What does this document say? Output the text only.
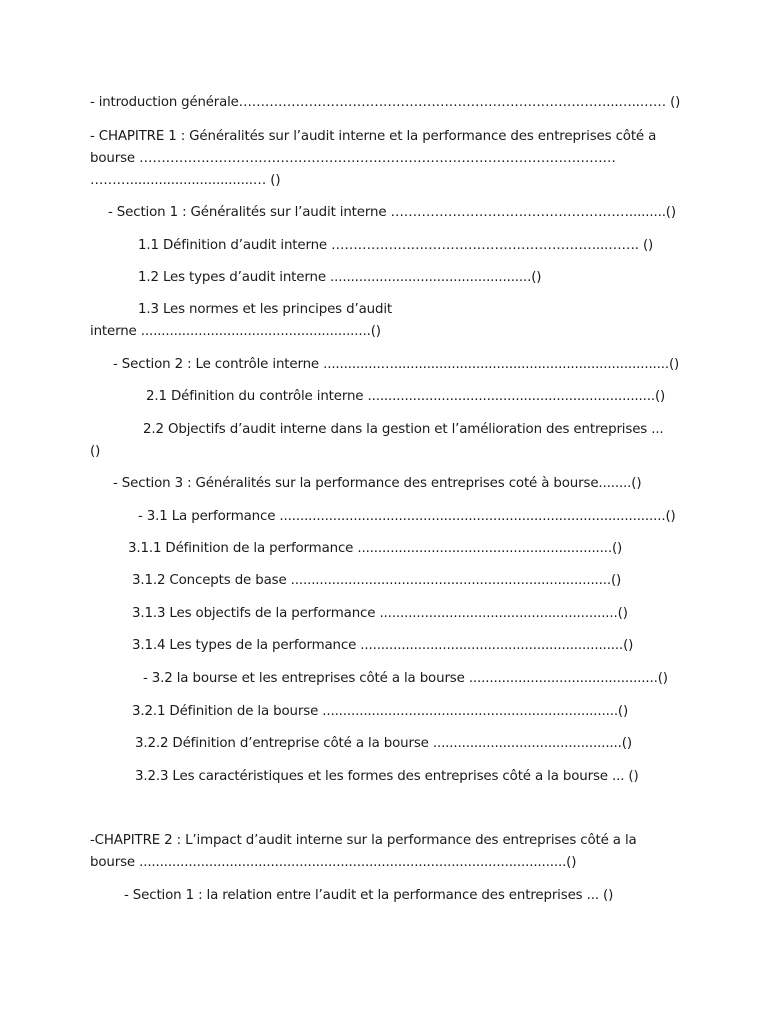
- introduction générale…………………………………………………………………………...…..…… ()
- CHAPITRE 1 : Généralités sur l’audit interne et la performance des entreprises côté a
bourse ………………………………………………………………………………………………
………..............................… ()
- Section 1 : Généralités sur l’audit interne ……………………………………………….........()
1.1 Définition d’audit interne ……………………………………………………...……. ()
1.2 Les types d’audit interne .................................................()
1.3 Les normes et les principes d’audit
interne ........................................................()
- Section 2 : Le contrôle interne ..............…...................................................................()
2.1 Définition du contrôle interne ......................................................................()
2.2 Objectifs d’audit interne dans la gestion et l’amélioration des entreprises ...
()
- Section 3 : Généralités sur la performance des entreprises coté à bourse........()
- 3.1 La performance ..............................................................................................()
3.1.1 Définition de la performance ..............................................................()
3.1.2 Concepts de base ..............................................................................()
3.1.3 Les objectifs de la performance ..........................................................()
3.1.4 Les types de la performance ................................................................()
- 3.2 la bourse et les entreprises côté a la bourse ..............................................()
3.2.1 Définition de la bourse ........................................................................()
3.2.2 Définition d’entreprise côté a la bourse ..............................................()
3.2.3 Les caractéristiques et les formes des entreprises côté a la bourse ... ()
-CHAPITRE 2 : L’impact d’audit interne sur la performance des entreprises côté a la
bourse ........................................................................................................()
- Section 1 : la relation entre l’audit et la performance des entreprises ... ()
